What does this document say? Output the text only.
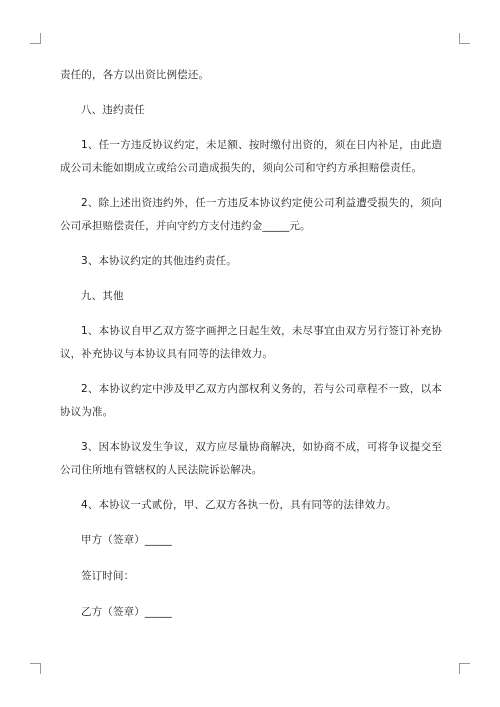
责任的，各方以出资比例偿还。

八、违约责任

1、任一方违反协议约定，未足额、按时缴付出资的，须在日内补足，由此造成公司未能如期成立或给公司造成损失的，须向公司和守约方承担赔偿责任。

2、除上述出资违约外，任一方违反本协议约定使公司利益遭受损失的，须向公司承担赔偿责任，并向守约方支付违约金_____元。

3、本协议约定的其他违约责任。

九、其他

1、本协议自甲乙双方签字画押之日起生效，未尽事宜由双方另行签订补充协议，补充协议与本协议具有同等的法律效力。

2、本协议约定中涉及甲乙双方内部权利义务的，若与公司章程不一致，以本协议为准。

3、因本协议发生争议，双方应尽量协商解决，如协商不成，可将争议提交至公司住所地有管辖权的人民法院诉讼解决。

4、本协议一式贰份，甲、乙双方各执一份，具有同等的法律效力。

甲方（签章）_____

签订时间：

乙方（签章）_____
